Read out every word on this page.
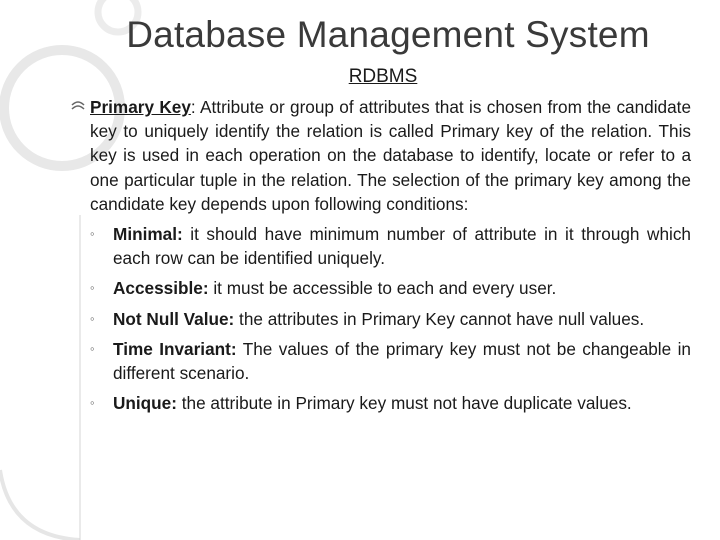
Database Management System
RDBMS

Primary Key: Attribute or group of attributes that is chosen from the candidate key to uniquely identify the relation is called Primary key of the relation. This key is used in each operation on the database to identify, locate or refer to a one particular tuple in the relation. The selection of the primary key among the candidate key depends upon following conditions:

◦ Minimal: it should have minimum number of attribute in it through which each row can be identified uniquely.
◦ Accessible: it must be accessible to each and every user.
◦ Not Null Value: the attributes in Primary Key cannot have null values.
◦ Time Invariant: The values of the primary key must not be changeable in different scenario.
◦ Unique: the attribute in Primary key must not have duplicate values.
